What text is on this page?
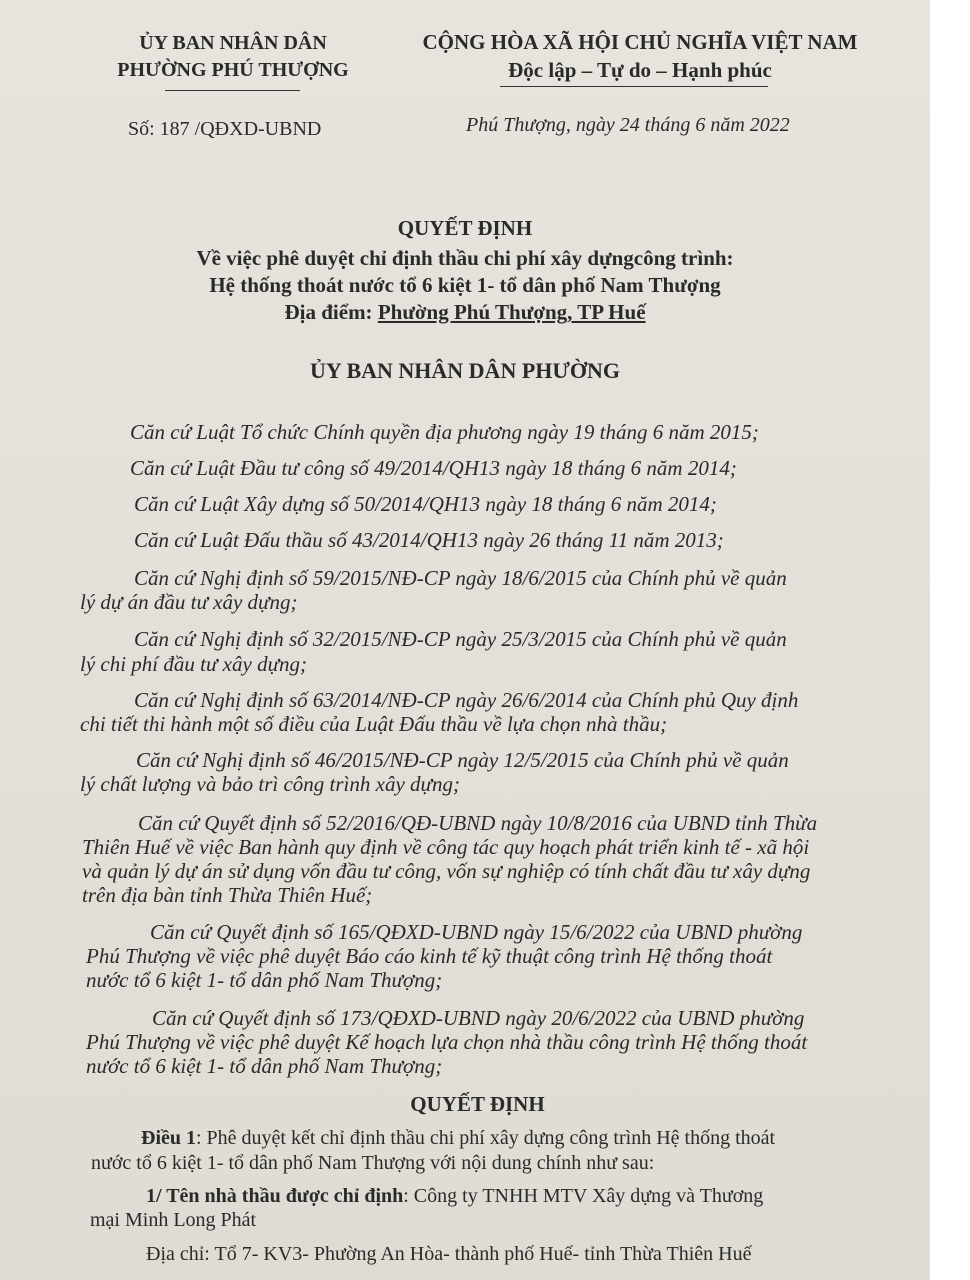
ỦY BAN NHÂN DÂN
PHƯỜNG PHÚ THƯỢNG
CỘNG HÒA XÃ HỘI CHỦ NGHĨA VIỆT NAM
Độc lập – Tự do – Hạnh phúc
Số: 187 /QĐXD-UBND	Phú Thượng, ngày 24 tháng 6 năm 2022
QUYẾT ĐỊNH
Về việc phê duyệt chỉ định thầu chi phí xây dựngcông trình:
Hệ thống thoát nước tổ 6 kiệt 1- tổ dân phố Nam Thượng
Địa điểm: Phường Phú Thượng, TP Huế
ỦY BAN NHÂN DÂN PHƯỜNG
Căn cứ Luật Tổ chức Chính quyền địa phương ngày 19 tháng 6 năm 2015;
Căn cứ Luật Đầu tư công số 49/2014/QH13 ngày 18 tháng 6 năm 2014;
Căn cứ Luật Xây dựng số 50/2014/QH13 ngày 18 tháng 6 năm 2014;
Căn cứ Luật Đấu thầu số 43/2014/QH13 ngày 26 tháng 11 năm 2013;
Căn cứ Nghị định số 59/2015/NĐ-CP ngày 18/6/2015 của Chính phủ về quản
lý dự án đầu tư xây dựng;
Căn cứ Nghị định số 32/2015/NĐ-CP ngày 25/3/2015 của Chính phủ về quản
lý chi phí đầu tư xây dựng;
Căn cứ Nghị định số 63/2014/NĐ-CP ngày 26/6/2014 của Chính phủ Quy định
chi tiết thi hành một số điều của Luật Đấu thầu về lựa chọn nhà thầu;
Căn cứ Nghị định số 46/2015/NĐ-CP ngày 12/5/2015 của Chính phủ về quản
lý chất lượng và bảo trì công trình xây dựng;
Căn cứ Quyết định số 52/2016/QĐ-UBND ngày 10/8/2016 của UBND tỉnh Thừa
Thiên Huế về việc Ban hành quy định về công tác quy hoạch phát triển kinh tế - xã hội
và quản lý dự án sử dụng vốn đầu tư công, vốn sự nghiệp có tính chất đầu tư xây dựng
trên địa bàn tỉnh Thừa Thiên Huế;
Căn cứ Quyết định số 165/QĐXD-UBND ngày 15/6/2022 của UBND phường
Phú Thượng về việc phê duyệt Báo cáo kinh tế kỹ thuật công trình Hệ thống thoát
nước tổ 6 kiệt 1- tổ dân phố Nam Thượng;
Căn cứ Quyết định số 173/QĐXD-UBND ngày 20/6/2022 của UBND phường
Phú Thượng về việc phê duyệt Kế hoạch lựa chọn nhà thầu công trình Hệ thống thoát
nước tổ 6 kiệt 1- tổ dân phố Nam Thượng;
QUYẾT ĐỊNH
Điều 1: Phê duyệt kết chỉ định thầu chi phí xây dựng công trình Hệ thống thoát
nước tổ 6 kiệt 1- tổ dân phố Nam Thượng với nội dung chính như sau:
1/ Tên nhà thầu được chỉ định: Công ty TNHH MTV Xây dựng và Thương
mại Minh Long Phát
Địa chỉ: Tổ 7- KV3- Phường An Hòa- thành phố Huế- tỉnh Thừa Thiên Huế
